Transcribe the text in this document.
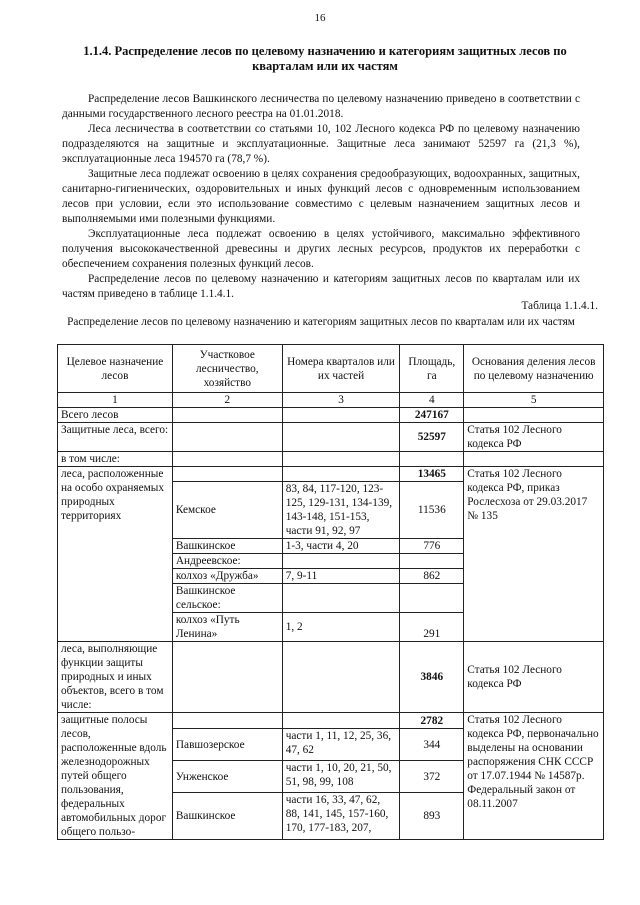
16
1.1.4. Распределение лесов по целевому назначению и категориям защитных лесов по кварталам или их частям

Распределение лесов Вашкинского лесничества по целевому назначению приведено в соответствии с данными государственного лесного реестра на 01.01.2018.

Леса лесничества в соответствии со статьями 10, 102 Лесного кодекса РФ по целевому назначению подразделяются на защитные и эксплуатационные. Защитные леса занимают 52597 га (21,3 %), эксплуатационные леса 194570 га (78,7 %).

Защитные леса подлежат освоению в целях сохранения средообразующих, водоохранных, защитных, санитарно-гигиенических, оздоровительных и иных функций лесов с одновременным использованием лесов при условии, если это использование совместимо с целевым назначением защитных лесов и выполняемыми ими полезными функциями.

Эксплуатационные леса подлежат освоению в целях устойчивого, максимально эффективного получения высококачественной древесины и других лесных ресурсов, продуктов их переработки с обеспечением сохранения полезных функций лесов.

Распределение лесов по целевому назначению и категориям защитных лесов по кварталам или их частям приведено в таблице 1.1.4.1.

Таблица 1.1.4.1.
Распределение лесов по целевому назначению и категориям защитных лесов по кварталам или их частям
Целевое назначение лесов	Участковое лесничество, хозяйство	Номера кварталов или их частей	Площадь, га	Основания деления лесов по целевому назначению
1	2	3	4	5
Всего лесов			247167	
Защитные леса, всего:			52597	Статья 102 Лесного кодекса РФ
в том числе:				
леса, расположенные на особо охраняемых природных территориях			13465	Статья 102 Лесного кодекса РФ, приказ Рослесхоза от 29.03.2017 № 135
	Кемское	83, 84, 117-120, 123-125, 129-131, 134-139, 143-148, 151-153, части 91, 92, 97	11536	
	Вашкинское	1-3, части 4, 20	776	
	Андреевское:			
	колхоз «Дружба»	7, 9-11	862	
	Вашкинское сельское:			
	колхоз «Путь Ленина»	1, 2	291	
леса, выполняющие функции защиты природных и иных объектов, всего в том числе:			3846	Статья 102 Лесного кодекса РФ
защитные полосы лесов, расположенные вдоль железнодорожных путей общего пользования, федеральных автомобильных дорог общего пользо-			2782	Статья 102 Лесного кодекса РФ, первоначально выделены на основании распоряжения СНК СССР от 17.07.1944 № 14587р. Федеральный закон от 08.11.2007
	Павшозерское	части 1, 11, 12, 25, 36, 47, 62	344	
	Унженское	части 1, 10, 20, 21, 50, 51, 98, 99, 108	372	
	Вашкинское	части 16, 33, 47, 62, 88, 141, 145, 157-160, 170, 177-183, 207,	893	
